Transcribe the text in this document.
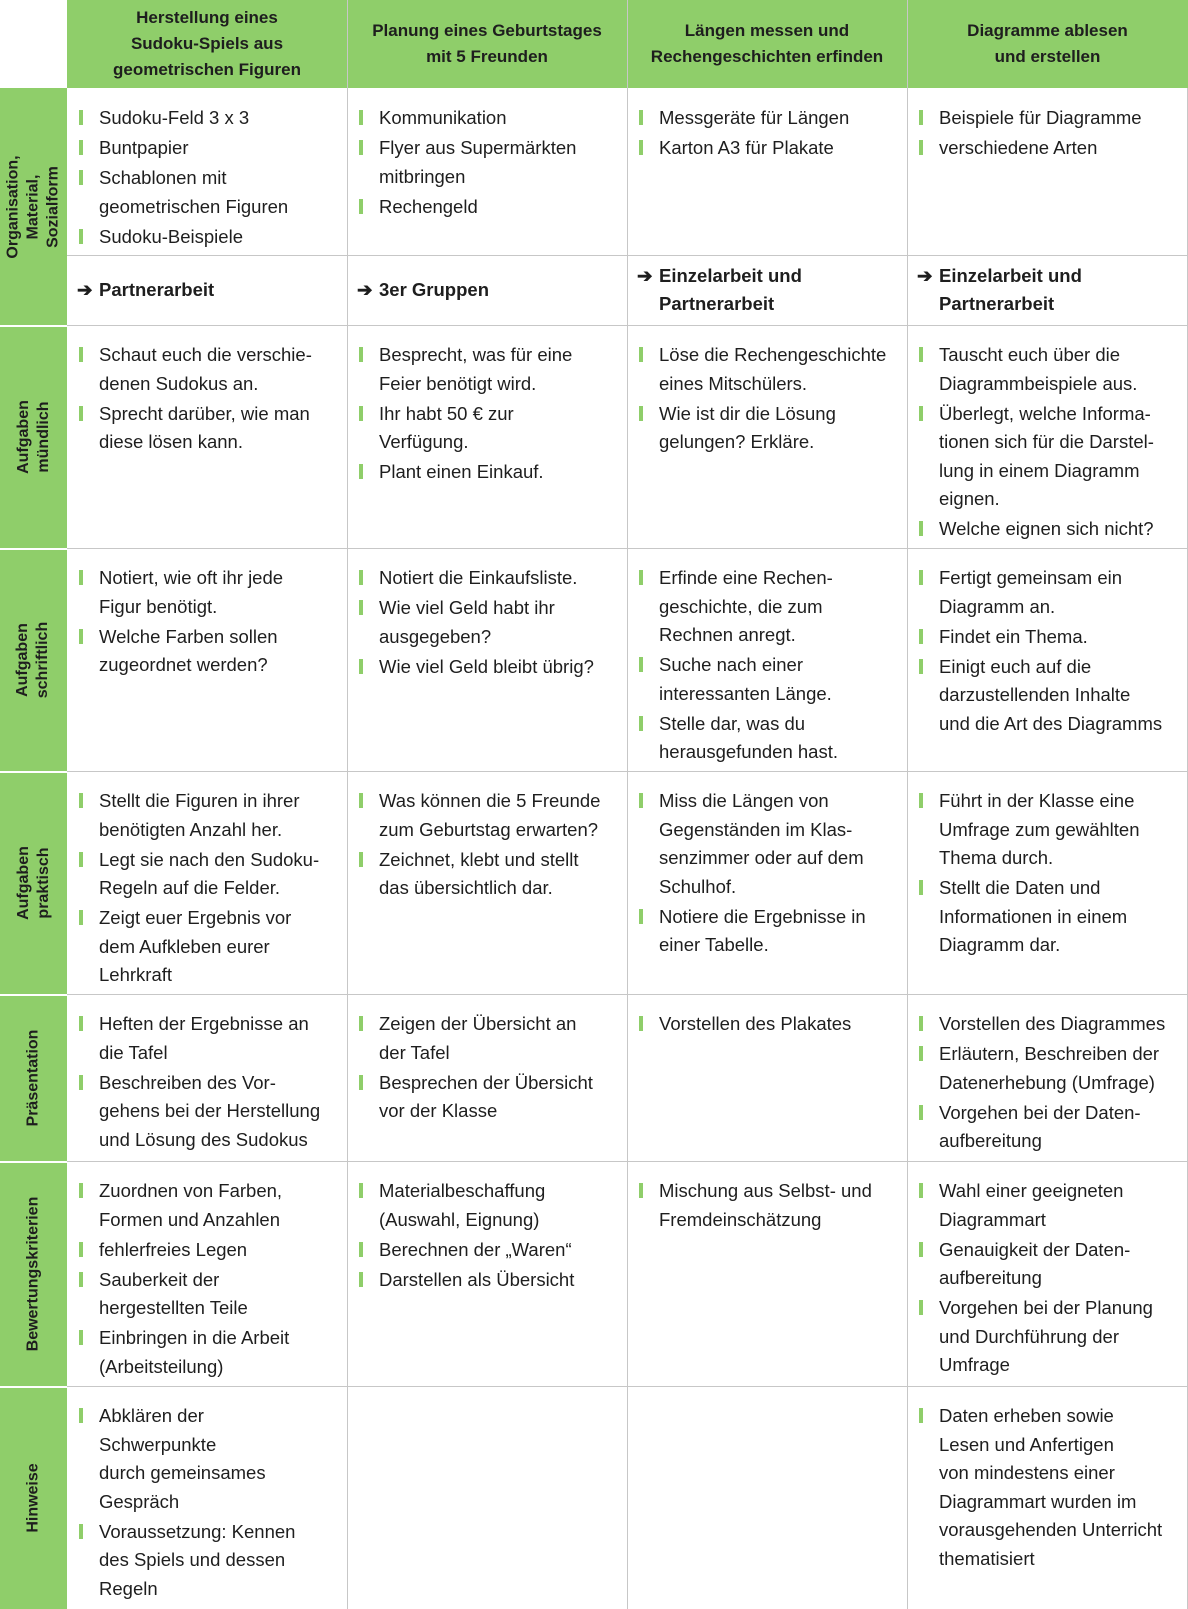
Herstellung eines
Sudoku-Spiels aus
geometrischen Figuren
Planung eines Geburtstages
mit 5 Freunden
Längen messen und
Rechengeschichten erfinden
Diagramme ablesen
und erstellen
Organisation,
Material, Sozialform
Aufgaben
mündlich
Aufgaben
schriftlich
Aufgaben
praktisch
Präsentation
Bewertungskriterien
Hinweise
Sudoku-Feld 3 x 3
Buntpapier
Schablonen mit
geometrischen Figuren
Sudoku-Beispiele
Kommunikation
Flyer aus Supermärkten
mitbringen
Rechengeld
Messgeräte für Längen
Karton A3 für Plakate
Beispiele für Diagramme
verschiedene Arten
Schaut euch die verschie-
denen Sudokus an.
Sprecht darüber, wie man
diese lösen kann.
Besprecht, was für eine
Feier benötigt wird.
Ihr habt 50 € zur
Verfügung.
Plant einen Einkauf.
Löse die Rechengeschichte
eines Mitschülers.
Wie ist dir die Lösung
gelungen? Erkläre.
Tauscht euch über die
Diagrammbeispiele aus.
Überlegt, welche Informa-
tionen sich für die Darstel-
lung in einem Diagramm
eignen.
Welche eignen sich nicht?
Notiert, wie oft ihr jede
Figur benötigt.
Welche Farben sollen
zugeordnet werden?
Notiert die Einkaufsliste.
Wie viel Geld habt ihr
ausgegeben?
Wie viel Geld bleibt übrig?
Erfinde eine Rechen-
geschichte, die zum
Rechnen anregt.
Suche nach einer
interessanten Länge.
Stelle dar, was du
herausgefunden hast.
Fertigt gemeinsam ein
Diagramm an.
Findet ein Thema.
Einigt euch auf die
darzustellenden Inhalte
und die Art des Diagramms
Stellt die Figuren in ihrer
benötigten Anzahl her.
Legt sie nach den Sudoku-
Regeln auf die Felder.
Zeigt euer Ergebnis vor
dem Aufkleben eurer
Lehrkraft
Was können die 5 Freunde
zum Geburtstag erwarten?
Zeichnet, klebt und stellt
das übersichtlich dar.
Miss die Längen von
Gegenständen im Klas-
senzimmer oder auf dem
Schulhof.
Notiere die Ergebnisse in
einer Tabelle.
Führt in der Klasse eine
Umfrage zum gewählten
Thema durch.
Stellt die Daten und
Informationen in einem
Diagramm dar.
Heften der Ergebnisse an
die Tafel
Beschreiben des Vor-
gehens bei der Herstellung
und Lösung des Sudokus
Zeigen der Übersicht an
der Tafel
Besprechen der Übersicht
vor der Klasse
Vorstellen des Plakates	Vorstellen des Diagrammes
Erläutern, Beschreiben der
Datenerhebung (Umfrage)
Vorgehen bei der Daten-
aufbereitung
Zuordnen von Farben,
Formen und Anzahlen
fehlerfreies Legen
Sauberkeit der
hergestellten Teile
Einbringen in die Arbeit
(Arbeitsteilung)
Materialbeschaffung
(Auswahl, Eignung)
Berechnen der „Waren“
Darstellen als Übersicht
Mischung aus Selbst- und
Fremdeinschätzung
Wahl einer geeigneten
Diagrammart
Genauigkeit der Daten-
aufbereitung
Vorgehen bei der Planung
und Durchführung der
Umfrage
Abklären der
Schwerpunkte
durch gemeinsames
Gespräch
Voraussetzung: Kennen
des Spiels und dessen
Regeln
Daten erheben sowie
Lesen und Anfertigen
von mindestens einer
Diagrammart wurden im
vorausgehenden Unterricht
thematisiert
➔ Partnerarbeit	➔ 3er Gruppen
➔ Einzelarbeit und
Partnerarbeit
➔ Einzelarbeit und
Partnerarbeit
